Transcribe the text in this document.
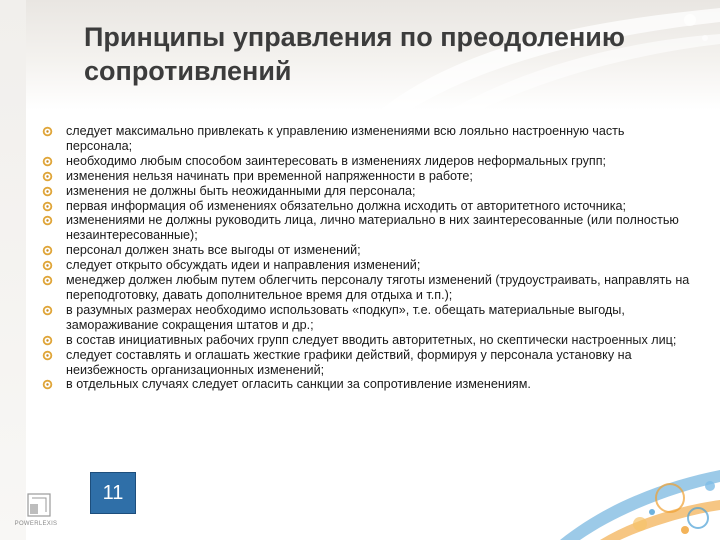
Принципы управления по преодолению сопротивлений
следует максимально привлекать к управлению изменениями всю лояльно настроенную часть персонала;
необходимо любым способом заинтересовать в изменениях лидеров неформальных групп;
изменения нельзя начинать при временной напряженности в работе;
изменения не должны быть неожиданными для персонала;
первая информация об изменениях обязательно должна исходить от авторитетного источника;
изменениями не должны руководить лица, лично материально в них заинтересованные (или полностью незаинтересованные);
персонал должен знать все выгоды от изменений;
следует открыто обсуждать идеи и направления изменений;
менеджер должен любым путем облегчить персоналу тяготы изменений (трудоустраивать, направлять на переподготовку, давать дополнительное время для отдыха и т.п.);
в разумных размерах необходимо использовать «подкуп», т.е. обещать материальные выгоды, замораживание сокращения штатов и др.;
в состав инициативных рабочих групп следует вводить авторитетных, но скептически настроенных лиц;
следует составлять и оглашать жесткие графики действий, формируя у персонала установку на неизбежность организационных изменений;
в отдельных случаях следует огласить санкции за сопротивление изменениям.
POWERLEXIS
11
